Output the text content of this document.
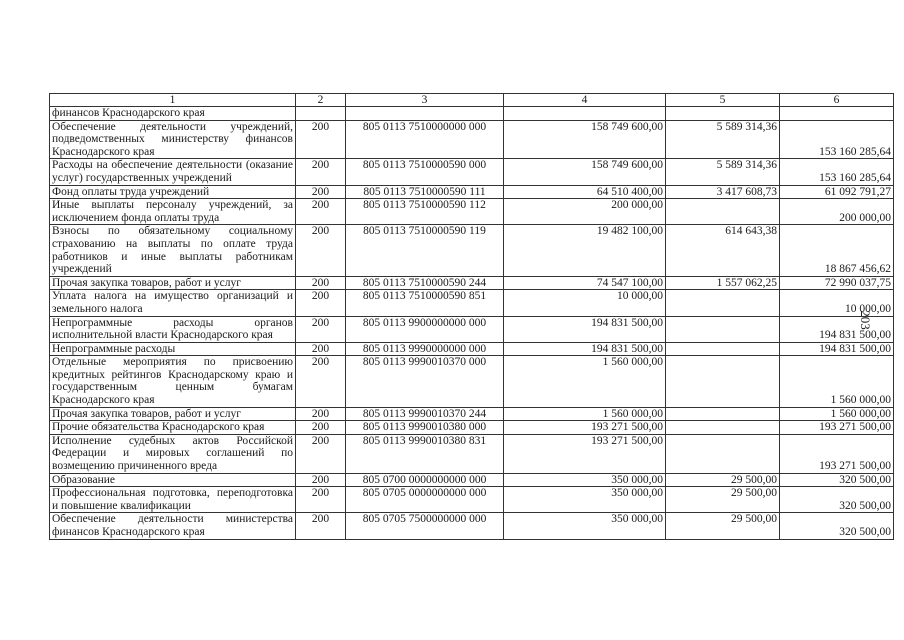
1	2	3	4	5	6
финансов Краснодарского края					
Обеспечение деятельности учреждений, подведомственных министерству финансов Краснодарского края	200	805 0113 7510000000 000	158 749 600,00	5 589 314,36	153 160 285,64
Расходы на обеспечение деятельности (оказание услуг) государственных учреждений	200	805 0113 7510000590 000	158 749 600,00	5 589 314,36	153 160 285,64
Фонд оплаты труда учреждений	200	805 0113 7510000590 111	64 510 400,00	3 417 608,73	61 092 791,27
Иные выплаты персоналу учреждений, за исключением фонда оплаты труда	200	805 0113 7510000590 112	200 000,00		200 000,00
Взносы по обязательному социальному страхованию на выплаты по оплате труда работников и иные выплаты работникам учреждений	200	805 0113 7510000590 119	19 482 100,00	614 643,38	18 867 456,62
Прочая закупка товаров, работ и услуг	200	805 0113 7510000590 244	74 547 100,00	1 557 062,25	72 990 037,75
Уплата налога на имущество организаций и земельного налога	200	805 0113 7510000590 851	10 000,00		10 000,00
Непрограммные расходы органов исполнительной власти Краснодарского края	200	805 0113 9900000000 000	194 831 500,00		194 831 500,00
Непрограммные расходы	200	805 0113 9990000000 000	194 831 500,00		194 831 500,00
Отдельные мероприятия по присвоению кредитных рейтингов Краснодарскому краю и государственным ценным бумагам Краснодарского края	200	805 0113 9990010370 000	1 560 000,00		1 560 000,00
Прочая закупка товаров, работ и услуг	200	805 0113 9990010370 244	1 560 000,00		1 560 000,00
Прочие обязательства Краснодарского края	200	805 0113 9990010380 000	193 271 500,00		193 271 500,00
Исполнение судебных актов Российской Федерации и мировых соглашений по возмещению причиненного вреда	200	805 0113 9990010380 831	193 271 500,00		193 271 500,00
Образование	200	805 0700 0000000000 000	350 000,00	29 500,00	320 500,00
Профессиональная подготовка, переподготовка и повышение квалификации	200	805 0705 0000000000 000	350 000,00	29 500,00	320 500,00
Обеспечение деятельности министерства финансов Краснодарского края	200	805 0705 7500000000 000	350 000,00	29 500,00	320 500,00
203
